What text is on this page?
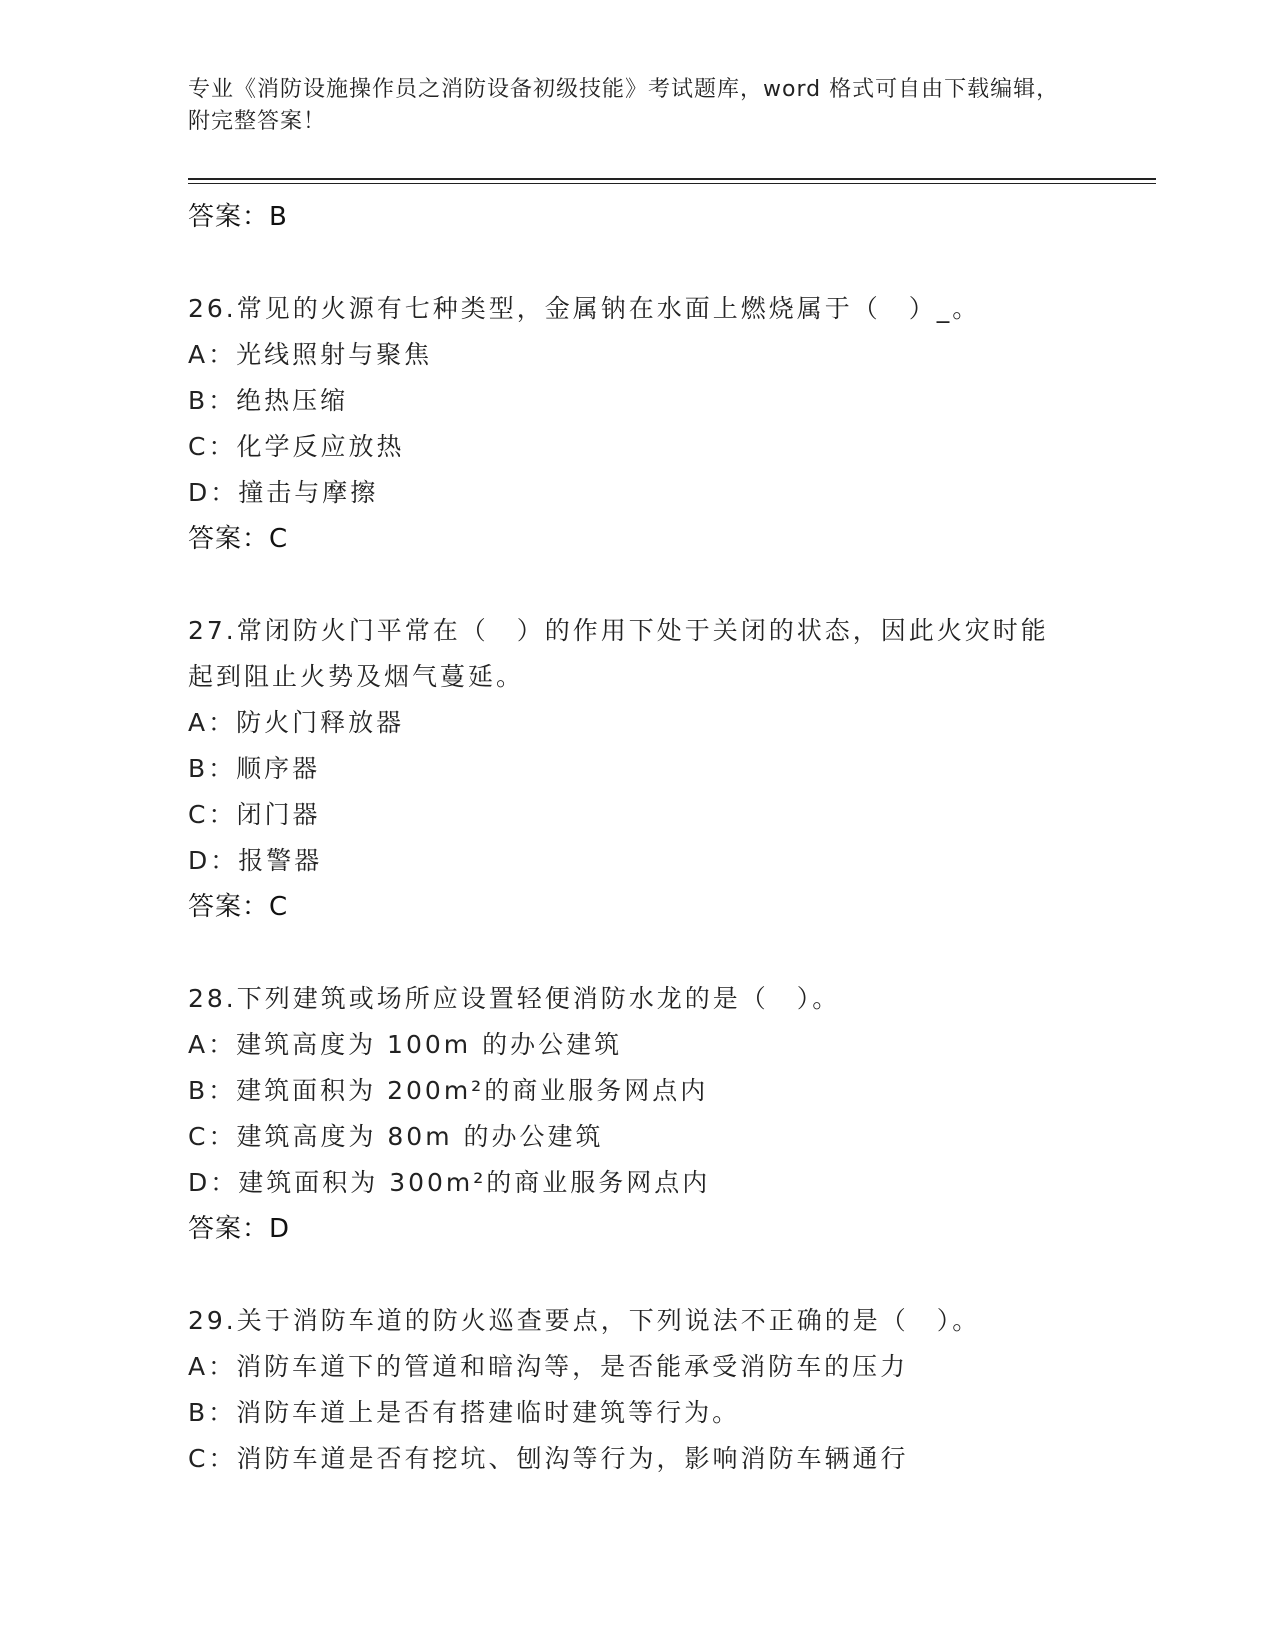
专业《消防设施操作员之消防设备初级技能》考试题库，word 格式可自由下载编辑，附完整答案！
答案：B
26.常见的火源有七种类型，金属钠在水面上燃烧属于（　）_。
A：光线照射与聚焦
B：绝热压缩
C：化学反应放热
D：撞击与摩擦
答案：C
27.常闭防火门平常在（　）的作用下处于关闭的状态，因此火灾时能
起到阻止火势及烟气蔓延。
A：防火门释放器
B：顺序器
C：闭门器
D：报警器
答案：C
28.下列建筑或场所应设置轻便消防水龙的是（　）。
A：建筑高度为 100m 的办公建筑
B：建筑面积为 200m²的商业服务网点内
C：建筑高度为 80m 的办公建筑
D：建筑面积为 300m²的商业服务网点内
答案：D
29.关于消防车道的防火巡查要点，下列说法不正确的是（　）。
A：消防车道下的管道和暗沟等，是否能承受消防车的压力
B：消防车道上是否有搭建临时建筑等行为。
C：消防车道是否有挖坑、刨沟等行为，影响消防车辆通行
